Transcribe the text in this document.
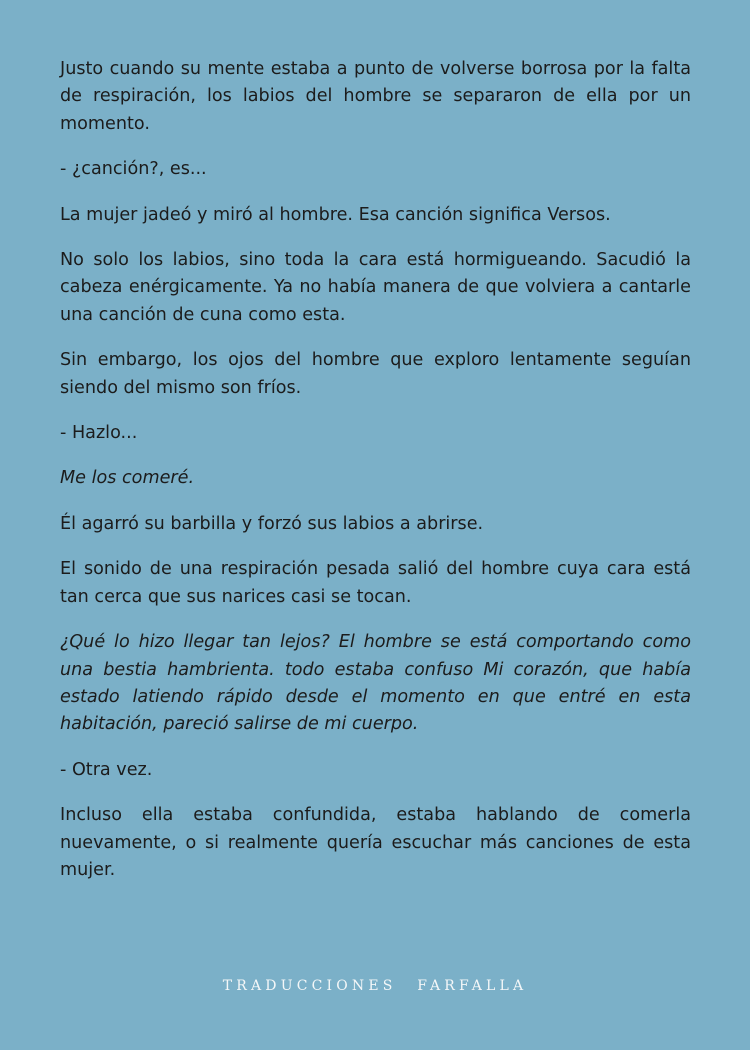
Justo cuando su mente estaba a punto de volverse borrosa por la falta de respiración, los labios del hombre se separaron de ella por un momento.

- ¿canción?, es...

La mujer jadeó y miró al hombre. Esa canción significa Versos.

No solo los labios, sino toda la cara está hormigueando. Sacudió la cabeza enérgicamente. Ya no había manera de que volviera a cantarle una canción de cuna como esta.

Sin embargo, los ojos del hombre que exploro lentamente seguían siendo del mismo son fríos.

- Hazlo...

Me los comeré.

Él agarró su barbilla y forzó sus labios a abrirse.

El sonido de una respiración pesada salió del hombre cuya cara está tan cerca que sus narices casi se tocan.

¿Qué lo hizo llegar tan lejos? El hombre se está comportando como una bestia hambrienta. todo estaba confuso Mi corazón, que había estado latiendo rápido desde el momento en que entré en esta habitación, pareció salirse de mi cuerpo.

- Otra vez.

Incluso ella estaba confundida, estaba hablando de comerla nuevamente, o si realmente quería escuchar más canciones de esta mujer.

TRADUCCIONES FARFALLA
